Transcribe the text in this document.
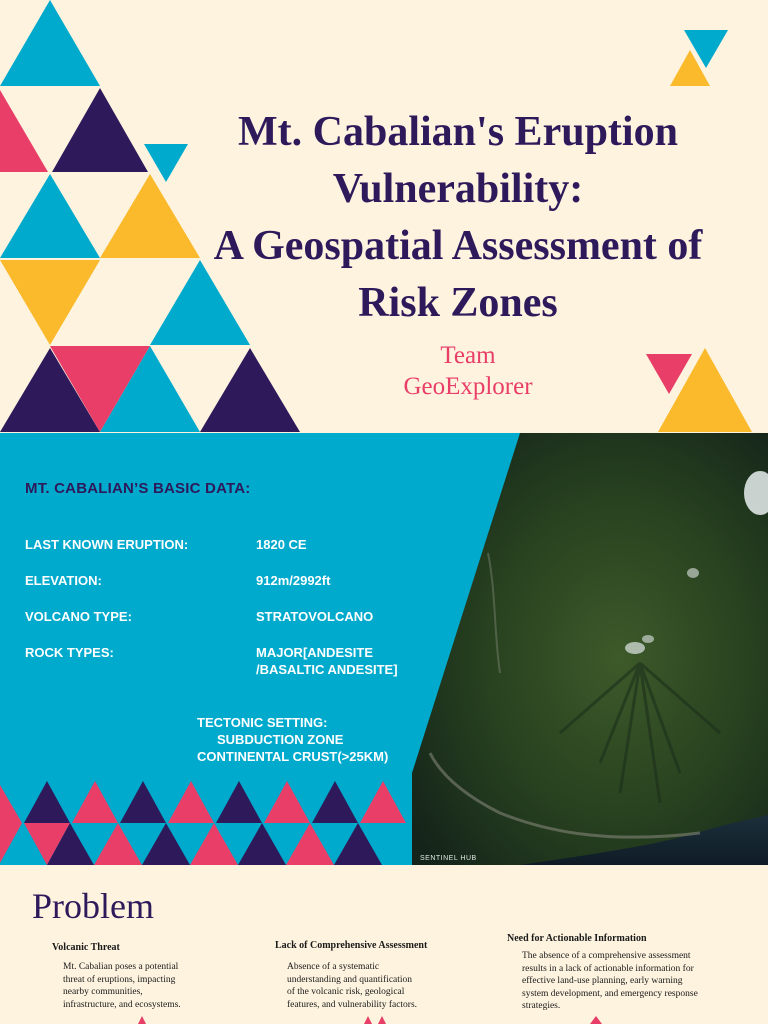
Mt. Cabalian's Eruption
Vulnerability:
A Geospatial Assessment of
Risk Zones
Team
GeoExplorer
MT. CABALIAN’S BASIC DATA:
LAST KNOWN ERUPTION:	1820 CE
ELEVATION:	912m/2992ft
VOLCANO TYPE:	STRATOVOLCANO
ROCK TYPES:	MAJOR[ANDESITE
/BASALTIC ANDESITE]
TECTONIC SETTING:
SUBDUCTION ZONE
CONTINENTAL CRUST(>25KM)
SENTINEL HUB
Problem
Volcanic Threat
Mt. Cabalian poses a potential
threat of eruptions, impacting
nearby communities,
infrastructure, and ecosystems.
Lack of Comprehensive Assessment
Absence of a systematic
understanding and quantification
of the volcanic risk, geological
features, and vulnerability factors.
Need for Actionable Information
The absence of a comprehensive assessment
results in a lack of actionable information for
effective land-use planning, early warning
system development, and emergency response
strategies.
